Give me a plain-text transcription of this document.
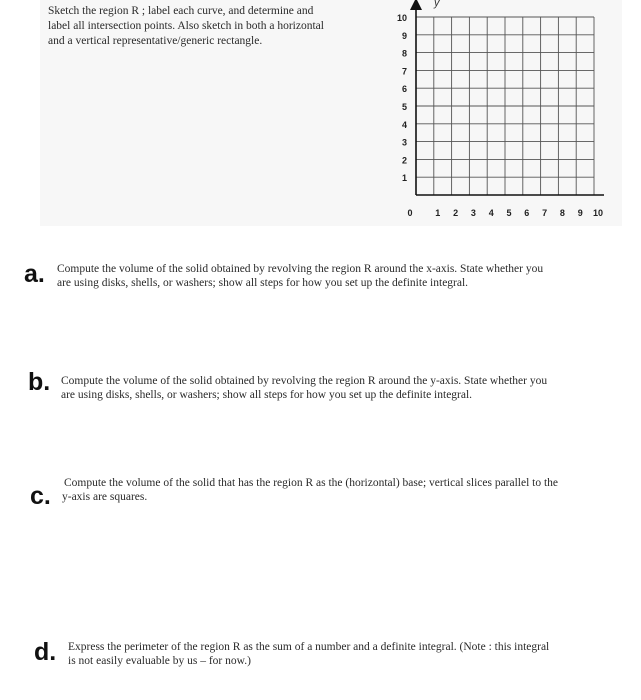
Sketch the region R ; label each curve, and determine and
label all intersection points. Also sketch in both a horizontal
and a vertical representative/generic rectangle.
10
9
8
7
6
5
4
3
2
1
0	1 2 3 4 5 6 7 8 9 10
y
a. Compute the volume of the solid obtained by revolving the region R around the x-axis. State whether you
are using disks, shells, or washers; show all steps for how you set up the definite integral.
b. Compute the volume of the solid obtained by revolving the region R around the y-axis. State whether you
are using disks, shells, or washers; show all steps for how you set up the definite integral.
c. Compute the volume of the solid that has the region R as the (horizontal) base; vertical slices parallel to the
y-axis are squares.
d. Express the perimeter of the region R as the sum of a number and a definite integral. (Note : this integral
is not easily evaluable by us – for now.)
